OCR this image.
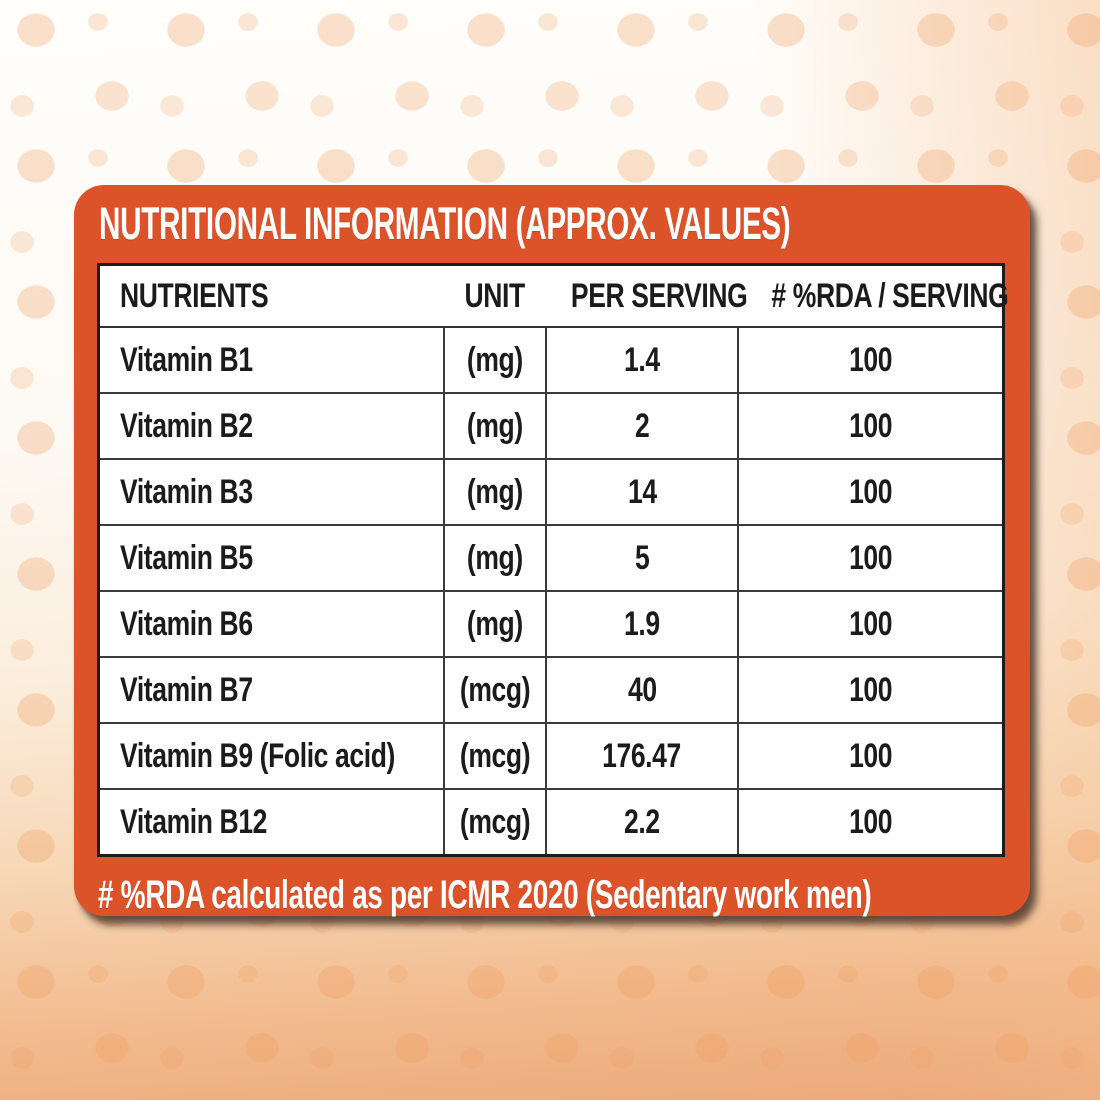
NUTRITIONAL INFORMATION (APPROX. VALUES)
NUTRIENTS	UNIT	PER SERVING	# %RDA / SERVING
Vitamin B1	(mg)	1.4	100
Vitamin B2	(mg)	2	100
Vitamin B3	(mg)	14	100
Vitamin B5	(mg)	5	100
Vitamin B6	(mg)	1.9	100
Vitamin B7	(mcg)	40	100
Vitamin B9 (Folic acid)	(mcg)	176.47	100
Vitamin B12	(mcg)	2.2	100
# %RDA calculated as per ICMR 2020 (Sedentary work men)
